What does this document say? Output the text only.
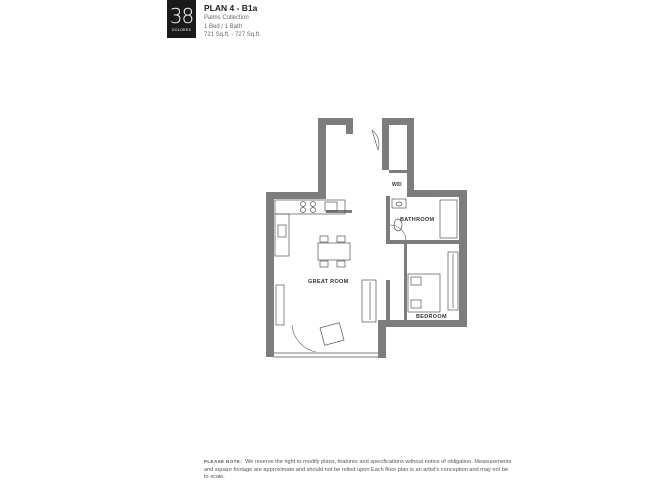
38
DOLORES
PLAN 4 - B1a
Palms Collection
1 Bed / 1 Bath
721 Sq.ft. - 727 Sq.ft.
W/D
BATHROOM
GREAT ROOM
BEDROOM
PLEASE NOTE: We reserve the right to modify plans, features and specifications without notice of obligation. Measurements and square footage are approximate and should not be relied upon Each floor plan is an artist's conception and may not be to scale.
